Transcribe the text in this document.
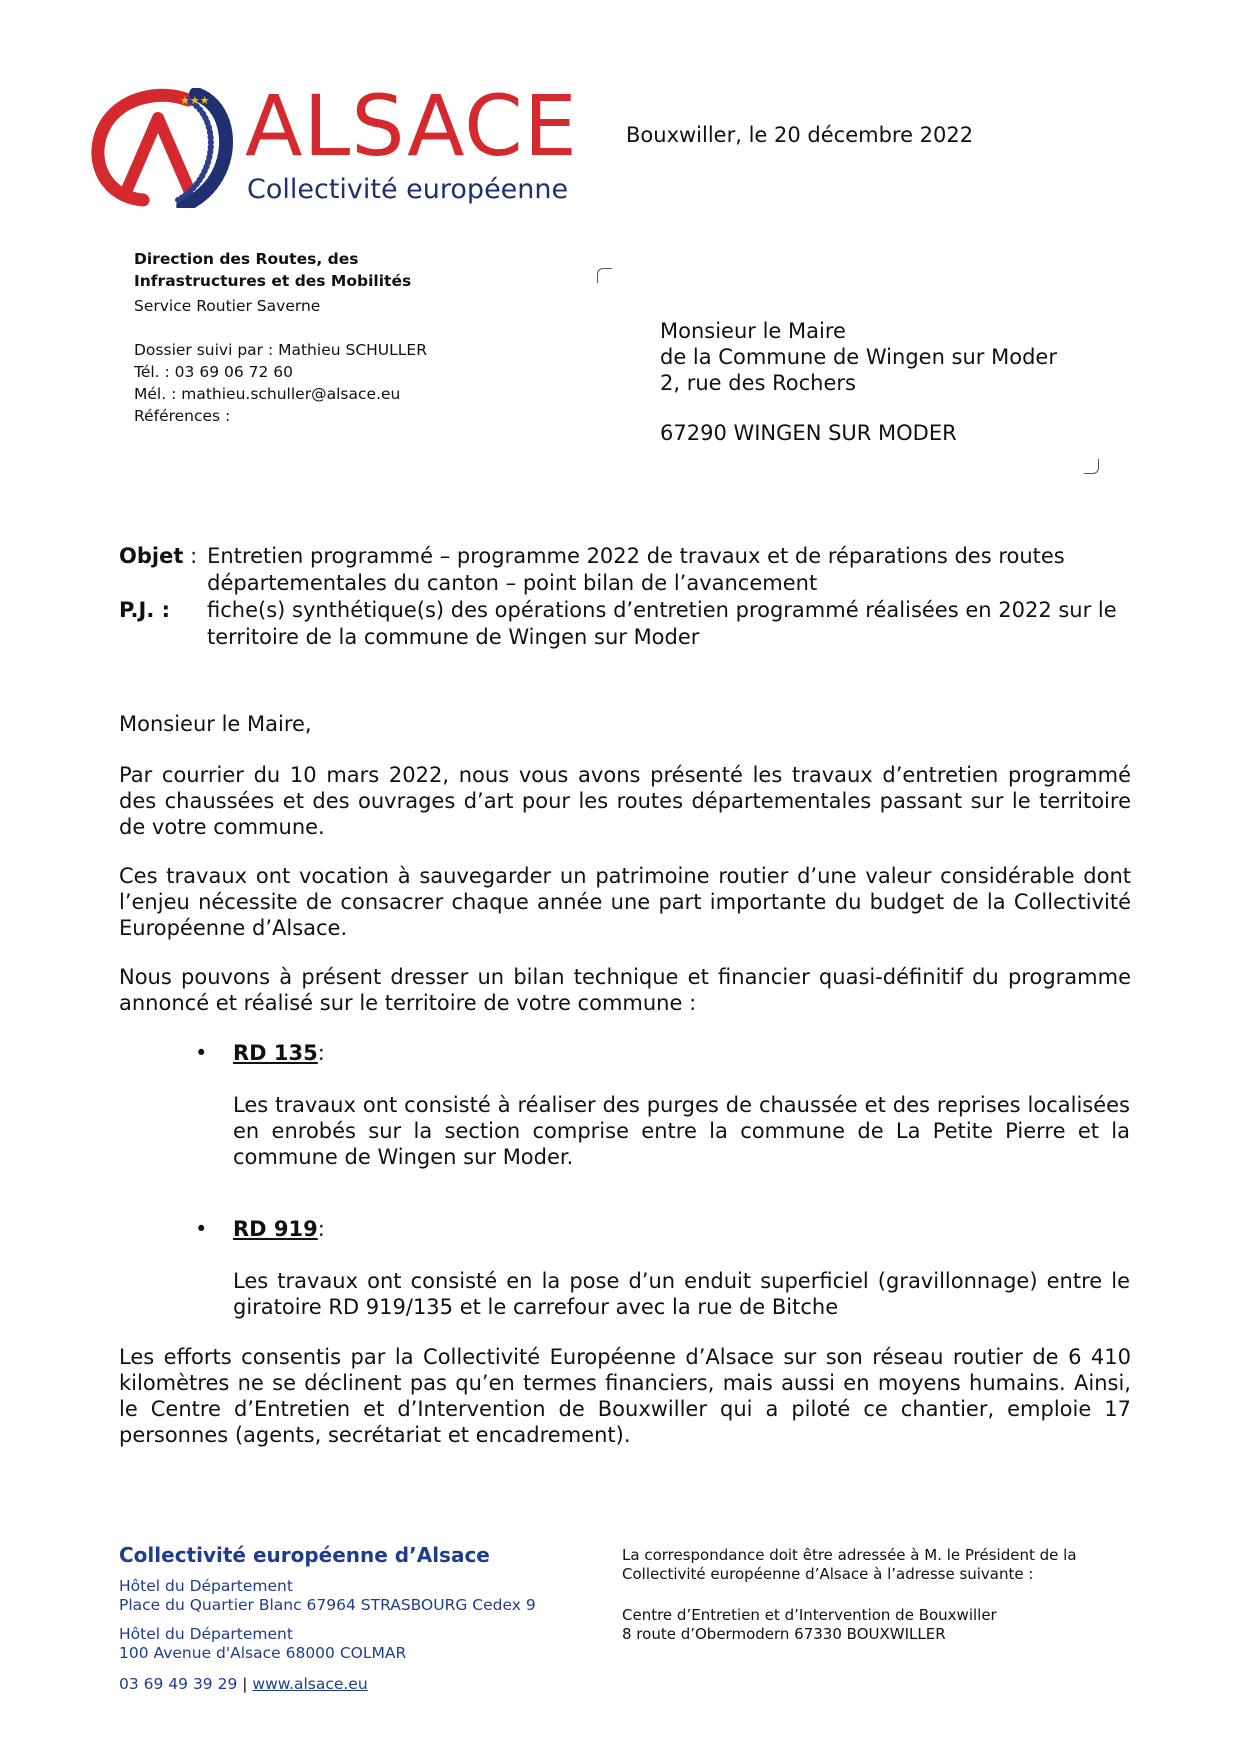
★★★ ALSACE
Collectivité européenne
Bouxwiller, le 20 décembre 2022
Direction des Routes, des
Infrastructures et des Mobilités
Service Routier Saverne
Dossier suivi par : Mathieu SCHULLER
Tél. : 03 69 06 72 60
Mél. : mathieu.schuller@alsace.eu
Références :
Monsieur le Maire
de la Commune de Wingen sur Moder
2, rue des Rochers
67290 WINGEN SUR MODER
Objet : Entretien programmé – programme 2022 de travaux et de réparations des routes départementales du canton – point bilan de l’avancement
P.J. :	fiche(s) synthétique(s) des opérations d’entretien programmé réalisées en 2022 sur le territoire de la commune de Wingen sur Moder
Monsieur le Maire,
Par courrier du 10 mars 2022, nous vous avons présenté les travaux d’entretien programmé des chaussées et des ouvrages d’art pour les routes départementales passant sur le territoire de votre commune.
Ces travaux ont vocation à sauvegarder un patrimoine routier d’une valeur considérable dont l’enjeu nécessite de consacrer chaque année une part importante du budget de la Collectivité Européenne d’Alsace.
Nous pouvons à présent dresser un bilan technique et financier quasi-définitif du programme annoncé et réalisé sur le territoire de votre commune :
•	RD 135 :
Les travaux ont consisté à réaliser des purges de chaussée et des reprises localisées en enrobés sur la section comprise entre la commune de La Petite Pierre et la commune de Wingen sur Moder.
•	RD 919 :
Les travaux ont consisté en la pose d’un enduit superficiel (gravillonnage) entre le giratoire RD 919/135 et le carrefour avec la rue de Bitche
Les efforts consentis par la Collectivité Européenne d’Alsace sur son réseau routier de 6 410 kilomètres ne se déclinent pas qu’en termes financiers, mais aussi en moyens humains. Ainsi, le Centre d’Entretien et d’Intervention de Bouxwiller qui a piloté ce chantier, emploie 17 personnes (agents, secrétariat et encadrement).
Collectivité européenne d’Alsace
Hôtel du Département
Place du Quartier Blanc 67964 STRASBOURG Cedex 9
Hôtel du Département
100 Avenue d'Alsace 68000 COLMAR
03 69 49 39 29 | www.alsace.eu
La correspondance doit être adressée à M. le Président de la
Collectivité européenne d’Alsace à l’adresse suivante :
Centre d’Entretien et d’Intervention de Bouxwiller
8 route d’Obermodern 67330 BOUXWILLER
